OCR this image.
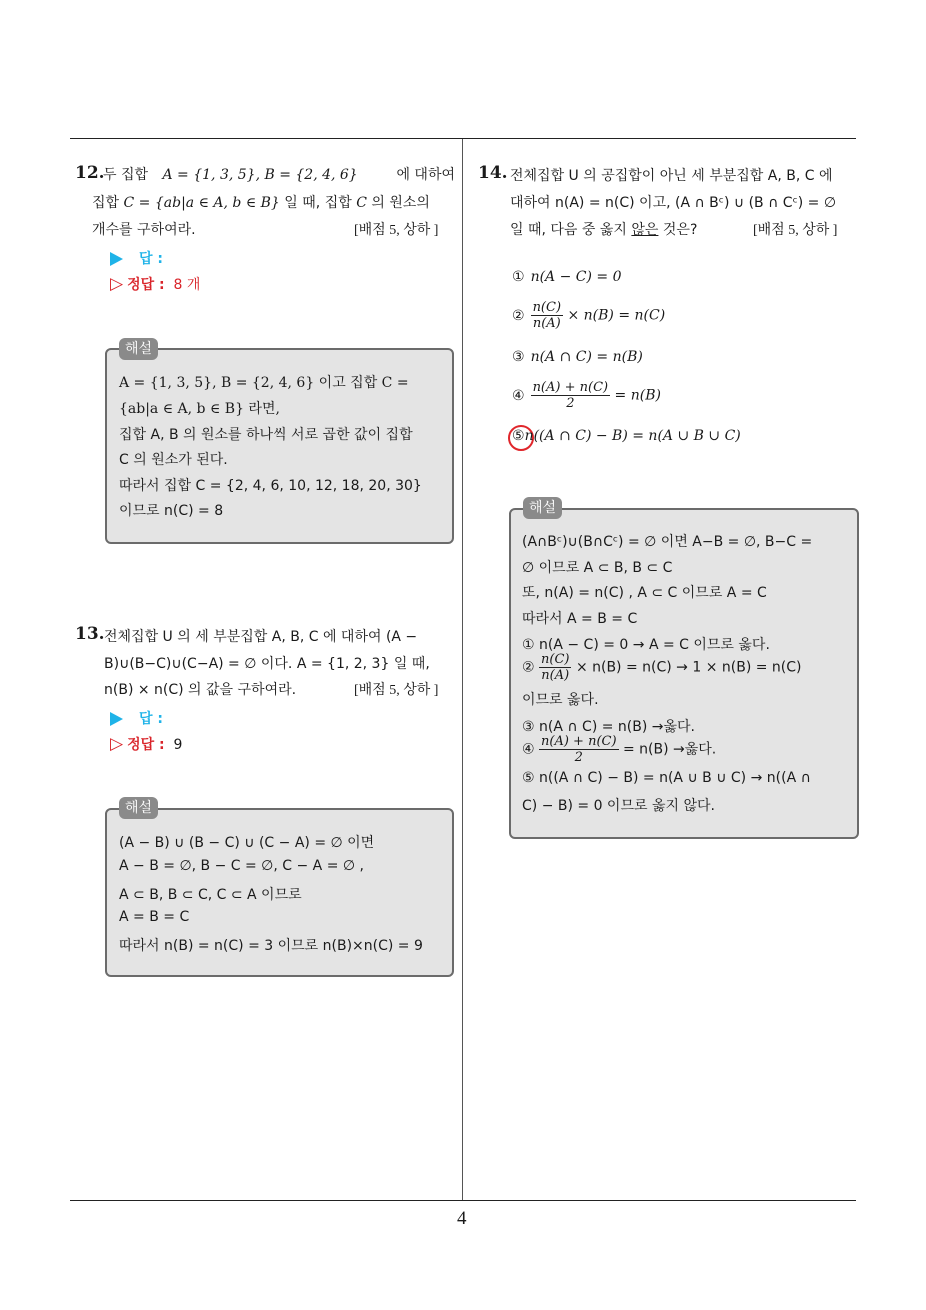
12.
두 집합 A = {1, 3, 5}, B = {2, 4, 6}	에 대하여
집합 C = {ab|a ∈ A, b ∈ B} 일 때, 집합 C 의 원소의
개수를 구하여라.	[배점 5, 상하 ]
답 :
▷ 정답 : 8 개
해설
A = {1, 3, 5}, B = {2, 4, 6} 이고 집합 C =
{ab|a ∈ A, b ∈ B} 라면,
집합 A, B 의 원소를 하나씩 서로 곱한 값이 집합
C 의 원소가 된다.
따라서 집합 C = {2, 4, 6, 10, 12, 18, 20, 30}
이므로 n(C) = 8
13. 전체집합 U 의 세 부분집합 A, B, C 에 대하여 (A −
B)∪(B−C)∪(C−A) = ∅ 이다. A = {1, 2, 3} 일 때,
n(B) × n(C) 의 값을 구하여라.	[배점 5, 상하 ]
답 :
▷ 정답 : 9
해설
(A − B) ∪ (B − C) ∪ (C − A) = ∅ 이면
A − B = ∅, B − C = ∅, C − A = ∅ ,
A ⊂ B, B ⊂ C, C ⊂ A 이므로
A = B = C
따라서 n(B) = n(C) = 3 이므로 n(B)×n(C) = 9
14. 전체집합 U 의 공집합이 아닌 세 부분집합 A, B, C 에
대하여 n(A) = n(C) 이고, (A ∩ Bᶜ) ∪ (B ∩ Cᶜ) = ∅
일 때, 다음 중 옳지 않은 것은?	[배점 5, 상하 ]
① n(A − C) = 0
② $\frac{n(C)}{n(A)} \times n(B) = n(C)$
③ n(A ∩ C) = n(B)
④ $\frac{n(A) + n(C)}{2} = n(B)$
⑤n((A ∩ C) − B) = n(A ∪ B ∪ C)
해설
(A∩Bᶜ)∪(B∩Cᶜ) = ∅ 이면 A−B = ∅, B−C =
∅ 이므로 A ⊂ B, B ⊂ C
또, n(A) = n(C) , A ⊂ C 이므로 A = C
따라서 A = B = C
① n(A − C) = 0 → A = C 이므로 옳다.
② $\frac{n(C)}{n(A)} \times n(B) = n(C) \to 1 \times n(B) = n(C)$
이므로 옳다.
③ n(A ∩ C) = n(B) →옳다.
④ $\frac{n(A) + n(C)}{2} = n(B)$ →옳다.
⑤ n((A ∩ C) − B) = n(A ∪ B ∪ C) → n((A ∩
C) − B) = 0 이므로 옳지 않다.
4
